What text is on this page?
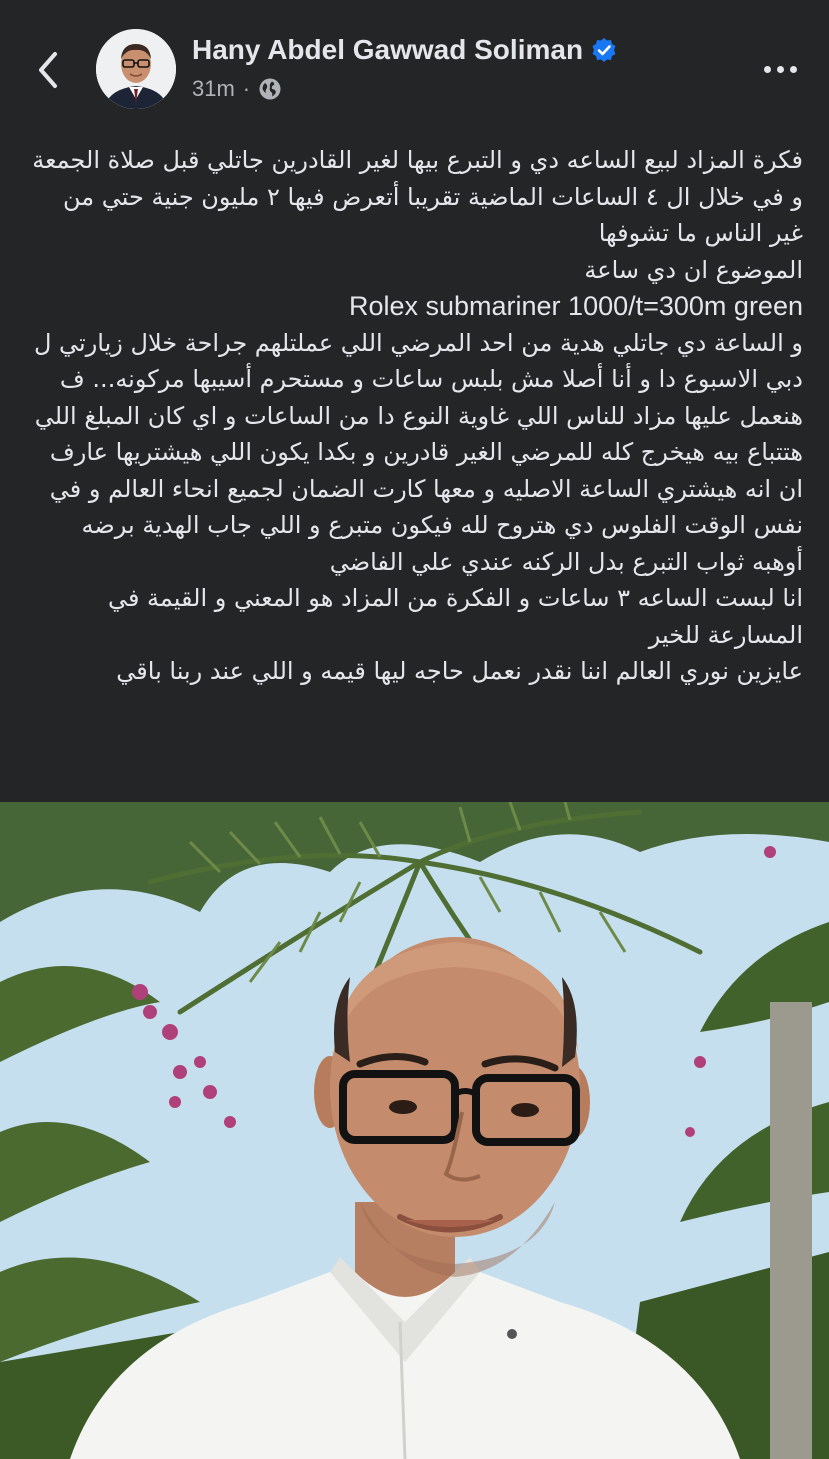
Hany Abdel Gawwad Soliman
31m ·

فكرة المزاد لبيع الساعه دي و التبرع بيها لغير القادرين جاتلي قبل صلاة الجمعة و في خلال ال ٤ الساعات الماضية تقريبا أتعرض فيها ٢ مليون جنية حتي من غير الناس ما تشوفها

الموضوع ان دي ساعة

Rolex submariner 1000/t=300m green

و الساعة دي جاتلي هدية من احد المرضي اللي عملتلهم جراحة خلال زيارتي ل دبي الاسبوع دا و أنا أصلا مش بلبس ساعات و مستحرم أسيبها مركونه... ف هنعمل عليها مزاد للناس اللي غاوية النوع دا من الساعات و اي كان المبلغ اللي هتتباع بيه هيخرج كله للمرضي الغير قادرين و بكدا يكون اللي هيشتريها عارف ان انه هيشتري الساعة الاصليه و معها كارت الضمان لجميع انحاء العالم و في نفس الوقت الفلوس دي هتروح لله فيكون متبرع و اللي جاب الهدية برضه أوهبه ثواب التبرع بدل الركنه عندي علي الفاضي

انا لبست الساعه ٣ ساعات و الفكرة من المزاد هو المعني و القيمة في المسارعة للخير

عايزين نوري العالم اننا نقدر نعمل حاجه ليها قيمه و اللي عند ربنا باقي
